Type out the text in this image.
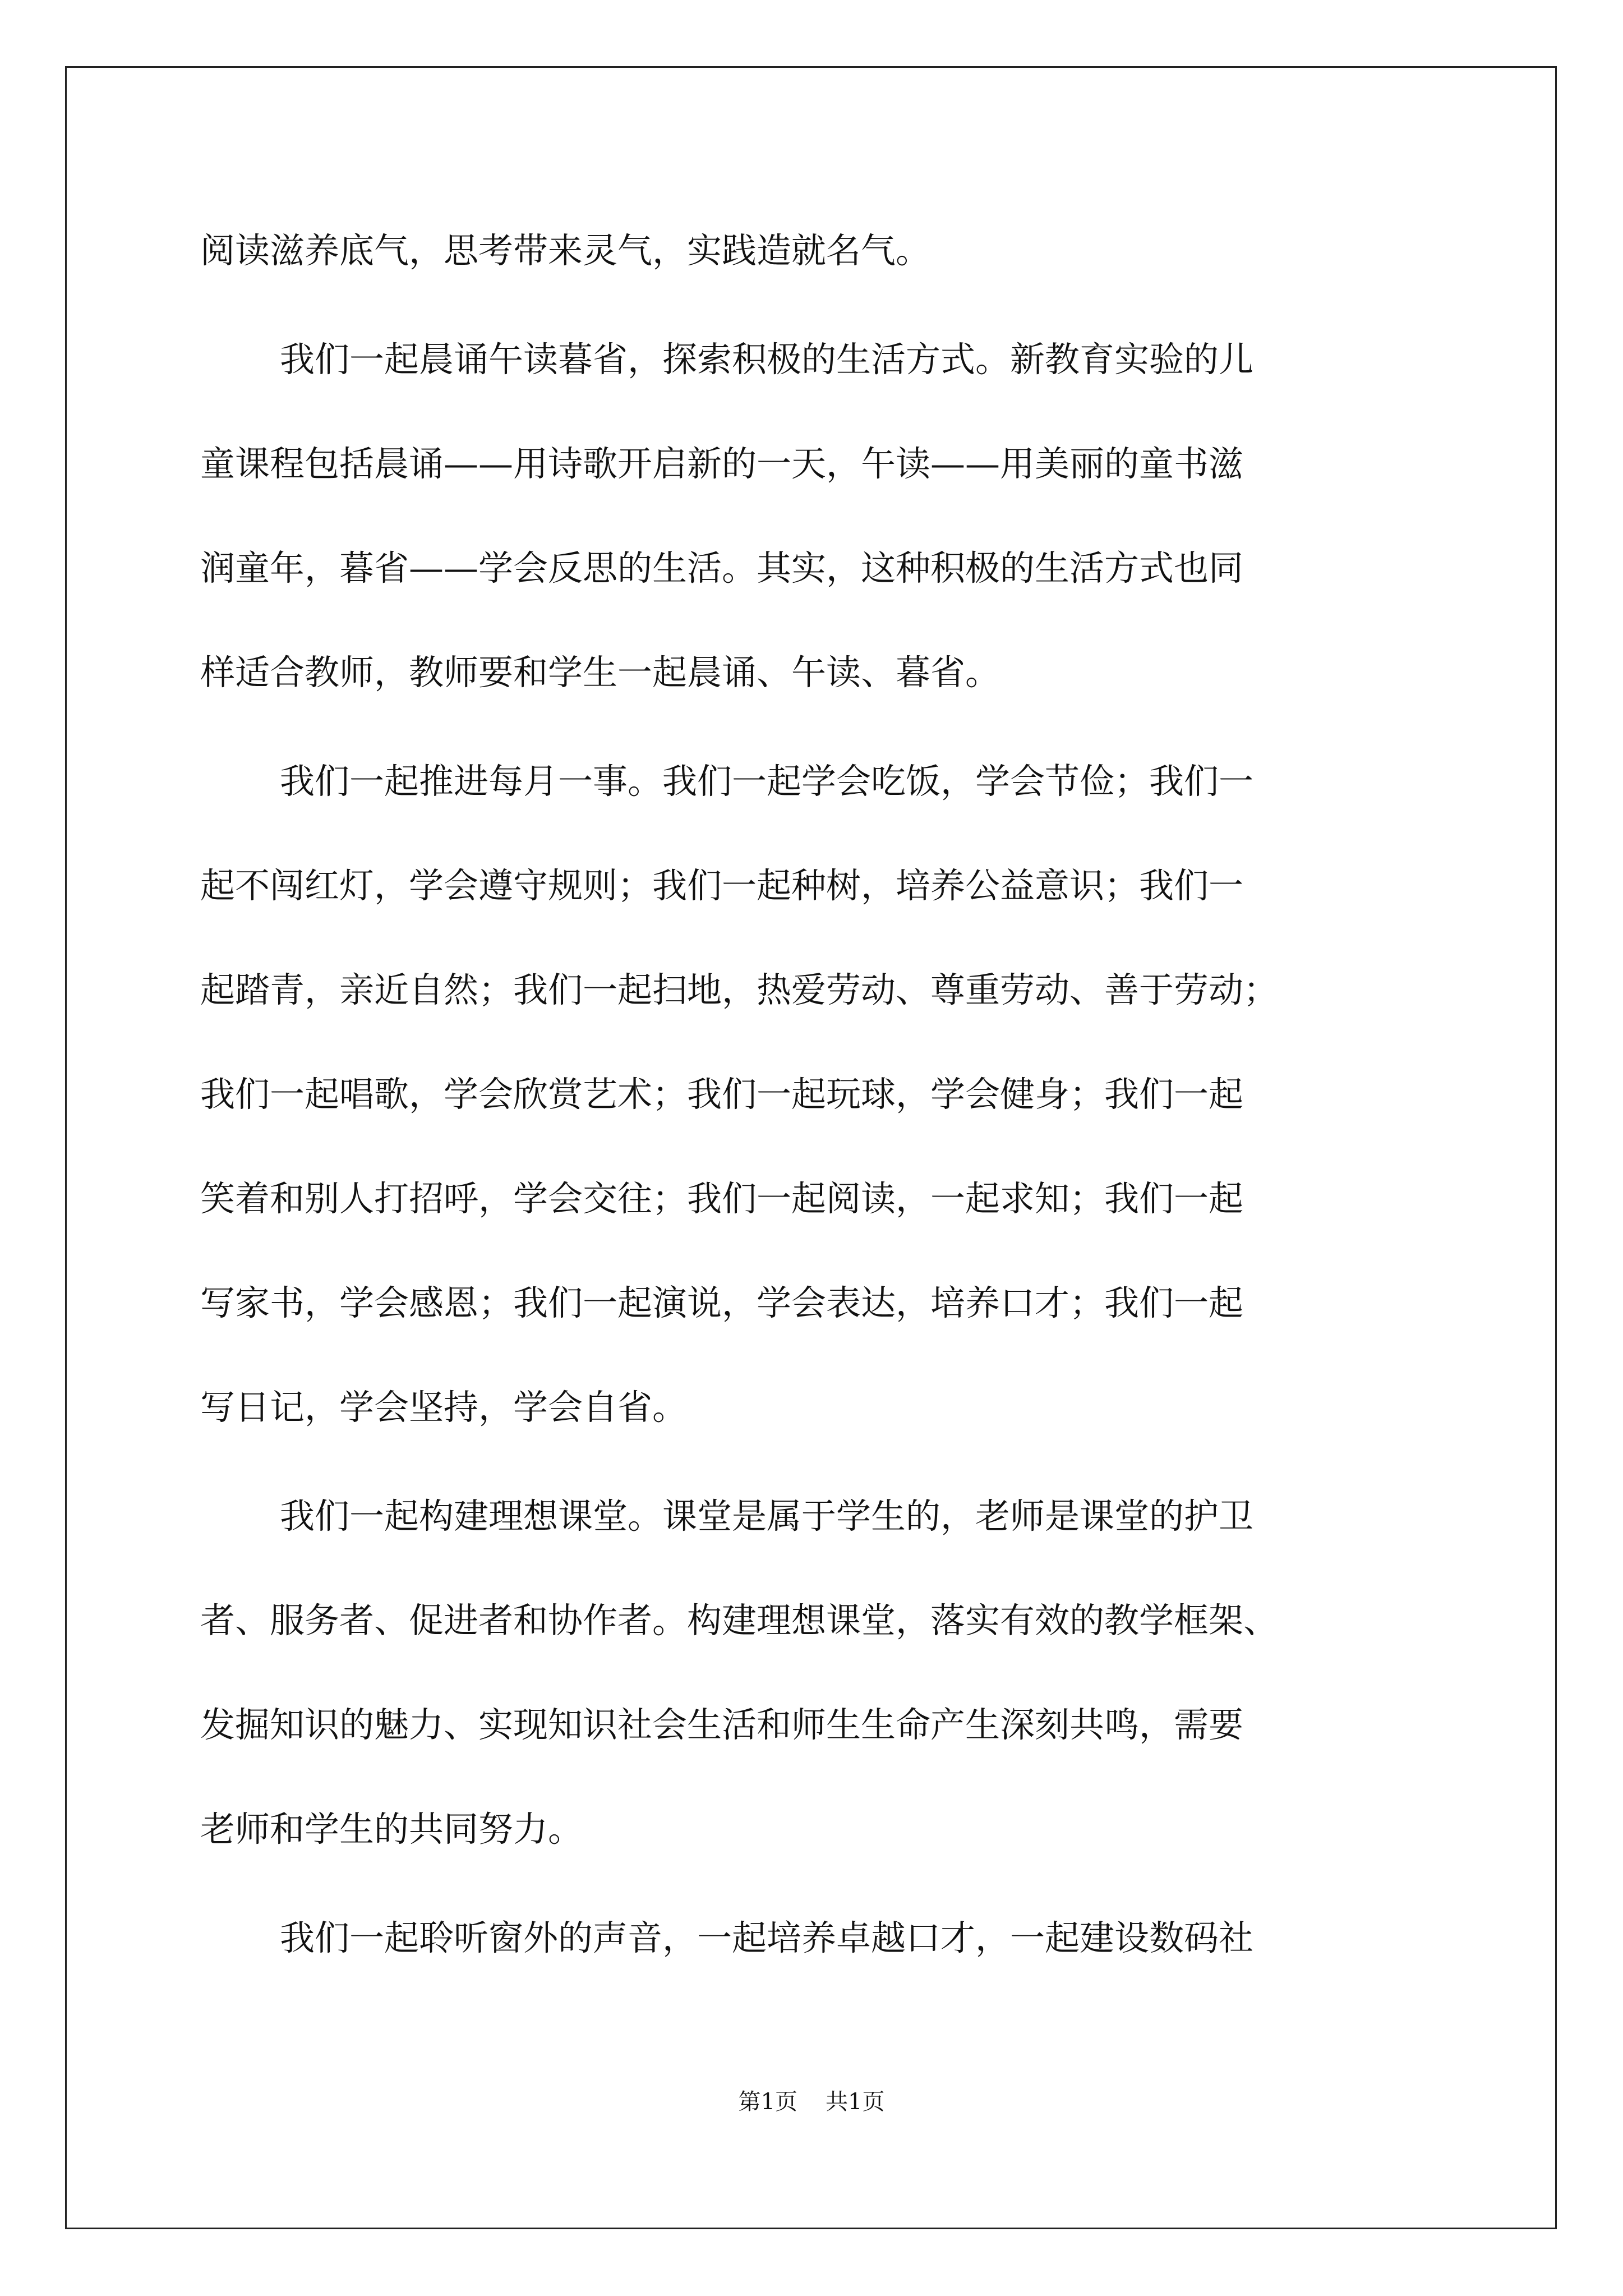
阅读滋养底气，思考带来灵气，实践造就名气。
我们一起晨诵午读暮省，探索积极的生活方式。新教育实验的儿
童课程包括晨诵——用诗歌开启新的一天，午读——用美丽的童书滋
润童年，暮省——学会反思的生活。其实，这种积极的生活方式也同
样适合教师，教师要和学生一起晨诵、午读、暮省。
我们一起推进每月一事。我们一起学会吃饭，学会节俭；我们一
起不闯红灯，学会遵守规则；我们一起种树，培养公益意识；我们一
起踏青，亲近自然；我们一起扫地，热爱劳动、尊重劳动、善于劳动；
我们一起唱歌，学会欣赏艺术；我们一起玩球，学会健身；我们一起
笑着和别人打招呼，学会交往；我们一起阅读，一起求知；我们一起
写家书，学会感恩；我们一起演说，学会表达，培养口才；我们一起
写日记，学会坚持，学会自省。
我们一起构建理想课堂。课堂是属于学生的，老师是课堂的护卫
者、服务者、促进者和协作者。构建理想课堂，落实有效的教学框架、
发掘知识的魅力、实现知识社会生活和师生生命产生深刻共鸣，需要
老师和学生的共同努力。
我们一起聆听窗外的声音，一起培养卓越口才，一起建设数码社
第1页 共1页
